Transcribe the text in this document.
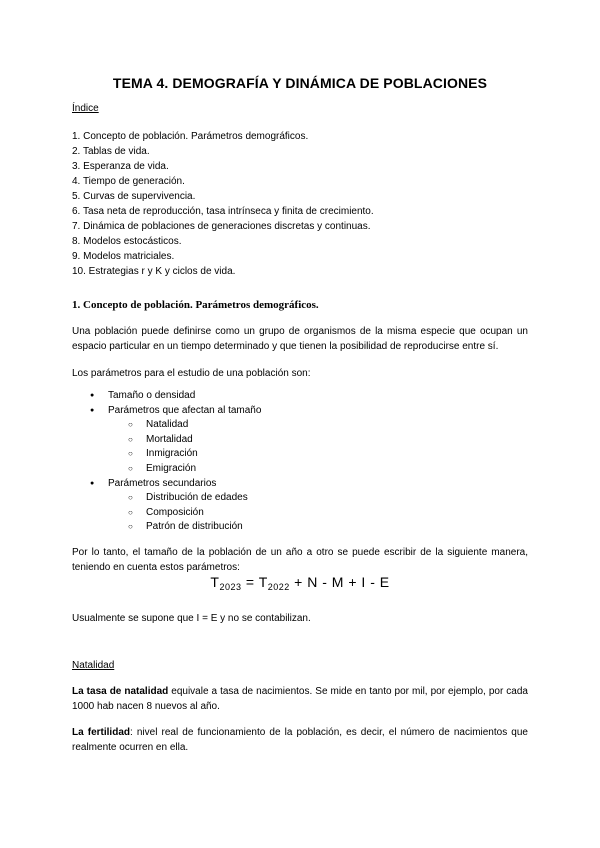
TEMA 4. DEMOGRAFÍA Y DINÁMICA DE POBLACIONES
Índice
1. Concepto de población. Parámetros demográficos.
2. Tablas de vida.
3. Esperanza de vida.
4. Tiempo de generación.
5. Curvas de supervivencia.
6. Tasa neta de reproducción, tasa intrínseca y finita de crecimiento.
7. Dinámica de poblaciones de generaciones discretas y continuas.
8. Modelos estocásticos.
9. Modelos matriciales.
10. Estrategias r y K y ciclos de vida.
1. Concepto de población. Parámetros demográficos.

Una población puede definirse como un grupo de organismos de la misma especie que ocupan un espacio particular en un tiempo determinado y que tienen la posibilidad de reproducirse entre sí.

Los parámetros para el estudio de una población son:

● Tamaño o densidad
● Parámetros que afectan al tamaño
○ Natalidad
○ Mortalidad
○ Inmigración
○ Emigración
● Parámetros secundarios
○ Distribución de edades
○ Composición
○ Patrón de distribución

Por lo tanto, el tamaño de la población de un año a otro se puede escribir de la siguiente manera, teniendo en cuenta estos parámetros:

$T_{2023} = T_{2022} + N - M + I - E$

Usualmente se supone que I = E y no se contabilizan.

Natalidad

La tasa de natalidad equivale a tasa de nacimientos. Se mide en tanto por mil, por ejemplo, por cada 1000 hab nacen 8 nuevos al año.

La fertilidad: nivel real de funcionamiento de la población, es decir, el número de nacimientos que realmente ocurren en ella.
